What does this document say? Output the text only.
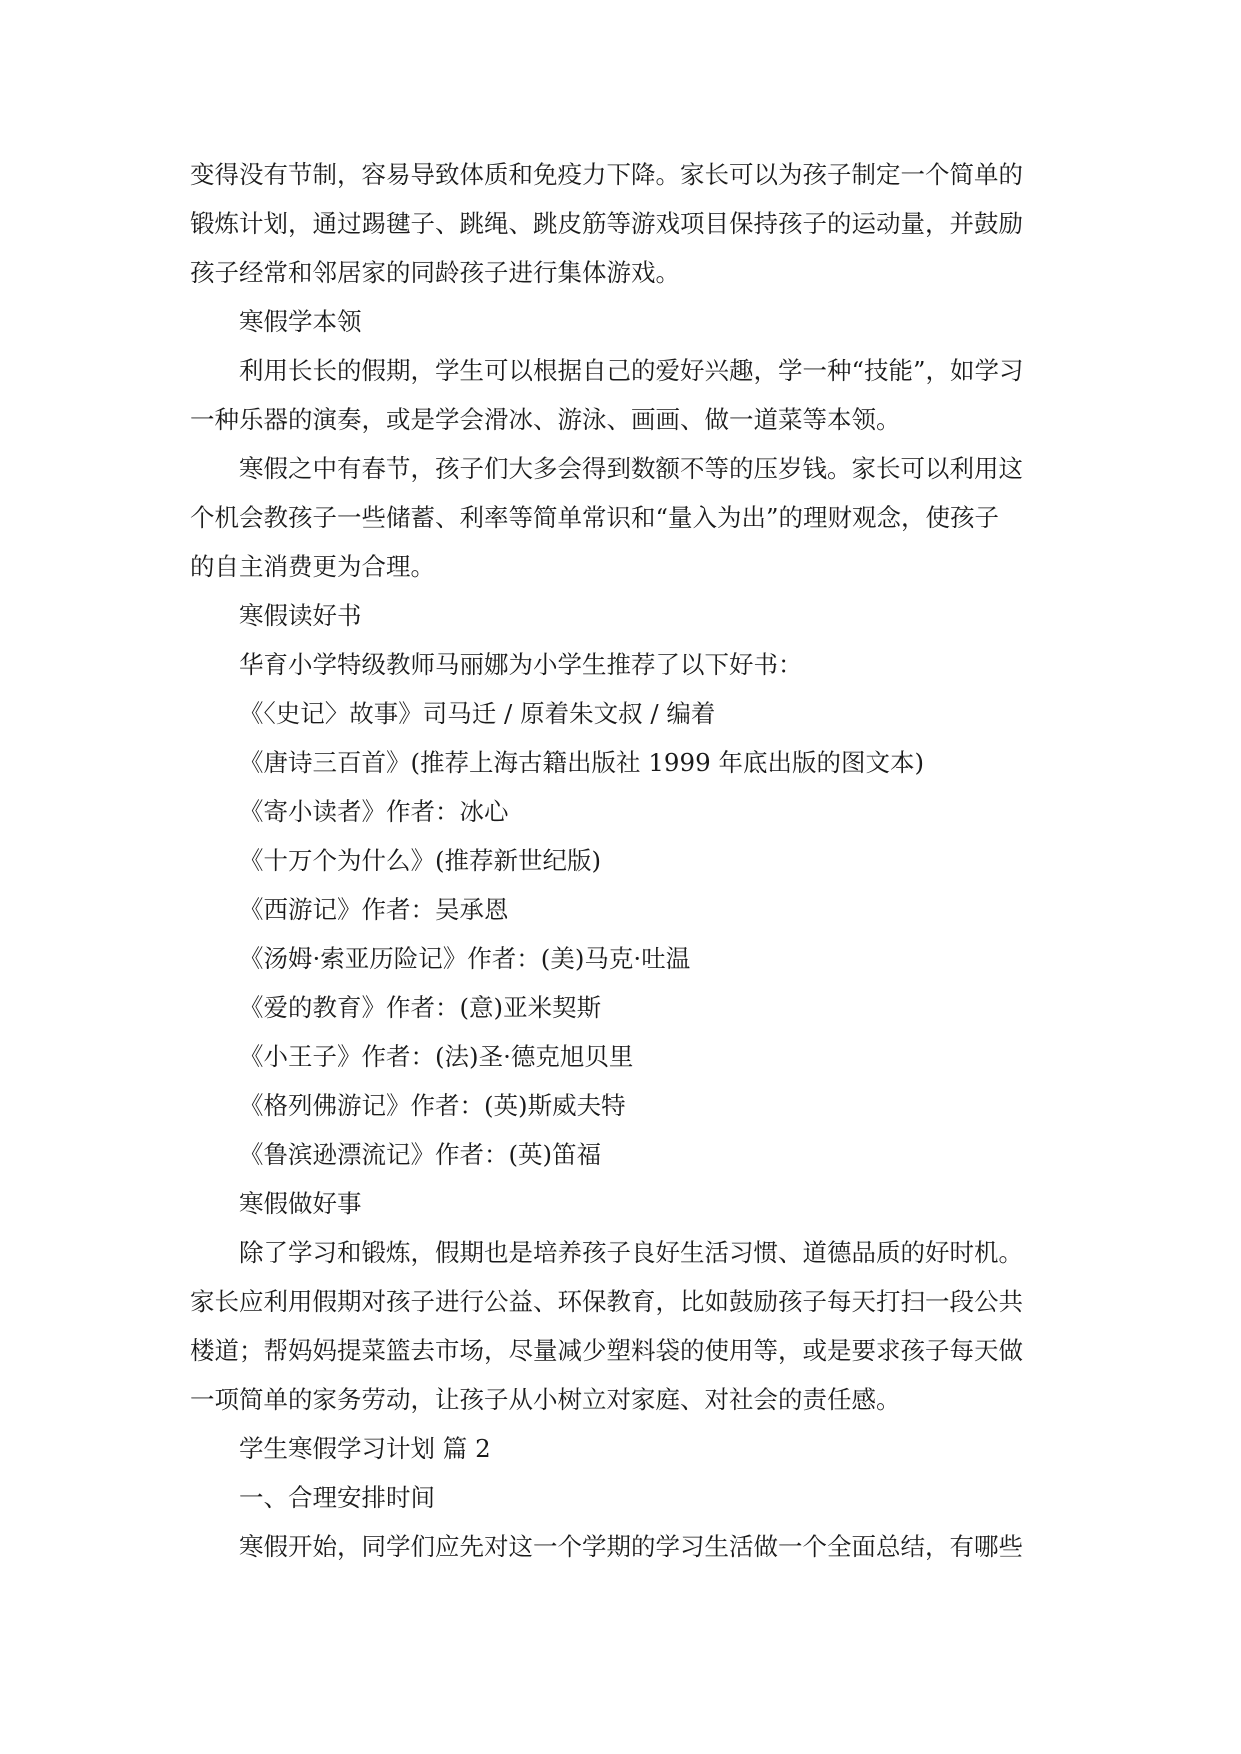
变得没有节制，容易导致体质和免疫力下降。家长可以为孩子制定一个简单的

锻炼计划，通过踢毽子、跳绳、跳皮筋等游戏项目保持孩子的运动量，并鼓励

孩子经常和邻居家的同龄孩子进行集体游戏。

寒假学本领

利用长长的假期，学生可以根据自己的爱好兴趣，学一种“技能”，如学习

一种乐器的演奏，或是学会滑冰、游泳、画画、做一道菜等本领。

寒假之中有春节，孩子们大多会得到数额不等的压岁钱。家长可以利用这

个机会教孩子一些储蓄、利率等简单常识和“量入为出”的理财观念，使孩子

的自主消费更为合理。

寒假读好书

华育小学特级教师马丽娜为小学生推荐了以下好书：

《〈史记〉故事》司马迁 / 原着朱文叔 / 编着

《唐诗三百首》(推荐上海古籍出版社 1999 年底出版的图文本)

《寄小读者》作者：冰心

《十万个为什么》(推荐新世纪版)

《西游记》作者：吴承恩

《汤姆·索亚历险记》作者：(美)马克·吐温

《爱的教育》作者：(意)亚米契斯

《小王子》作者：(法)圣·德克旭贝里

《格列佛游记》作者：(英)斯威夫特

《鲁滨逊漂流记》作者：(英)笛福

寒假做好事

除了学习和锻炼，假期也是培养孩子良好生活习惯、道德品质的好时机。

家长应利用假期对孩子进行公益、环保教育，比如鼓励孩子每天打扫一段公共

楼道；帮妈妈提菜篮去市场，尽量减少塑料袋的使用等，或是要求孩子每天做

一项简单的家务劳动，让孩子从小树立对家庭、对社会的责任感。

学生寒假学习计划 篇 2

一、合理安排时间

寒假开始，同学们应先对这一个学期的学习生活做一个全面总结，有哪些
